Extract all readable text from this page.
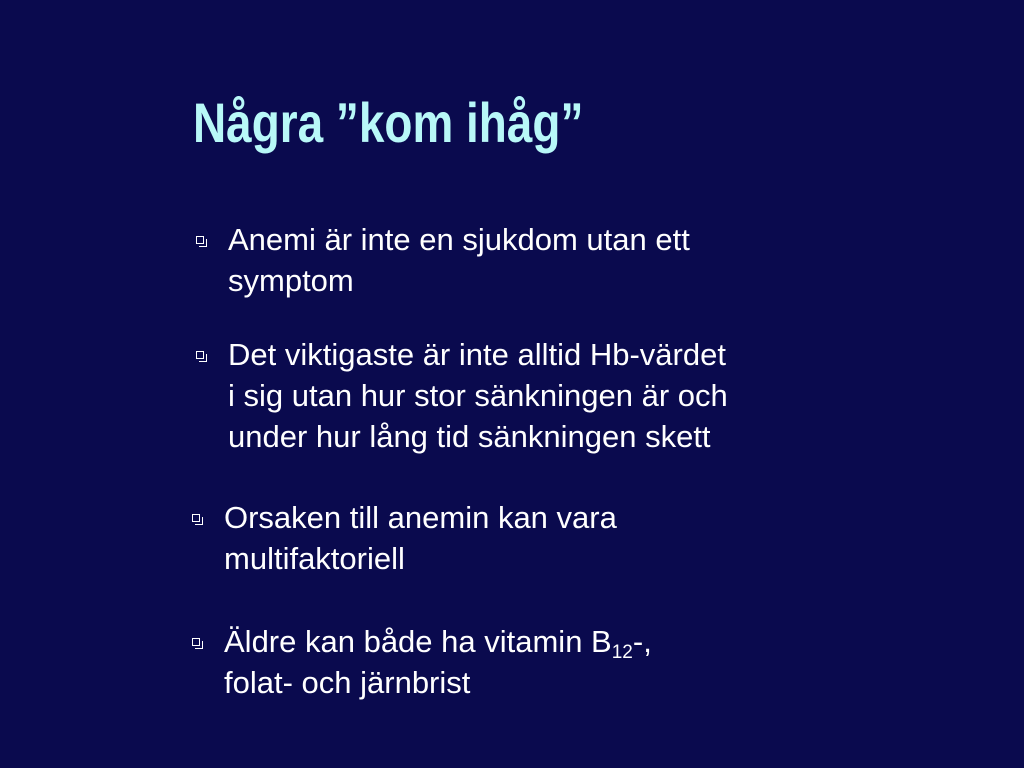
Några ”kom ihåg”
Anemi är inte en sjukdom utan ett
symptom
Det viktigaste är inte alltid Hb-värdet
i sig utan hur stor sänkningen är och
under hur lång tid sänkningen skett
Orsaken till anemin kan vara
multifaktoriell
Äldre kan både ha vitamin $B_{12}-$,
folat- och järnbrist
